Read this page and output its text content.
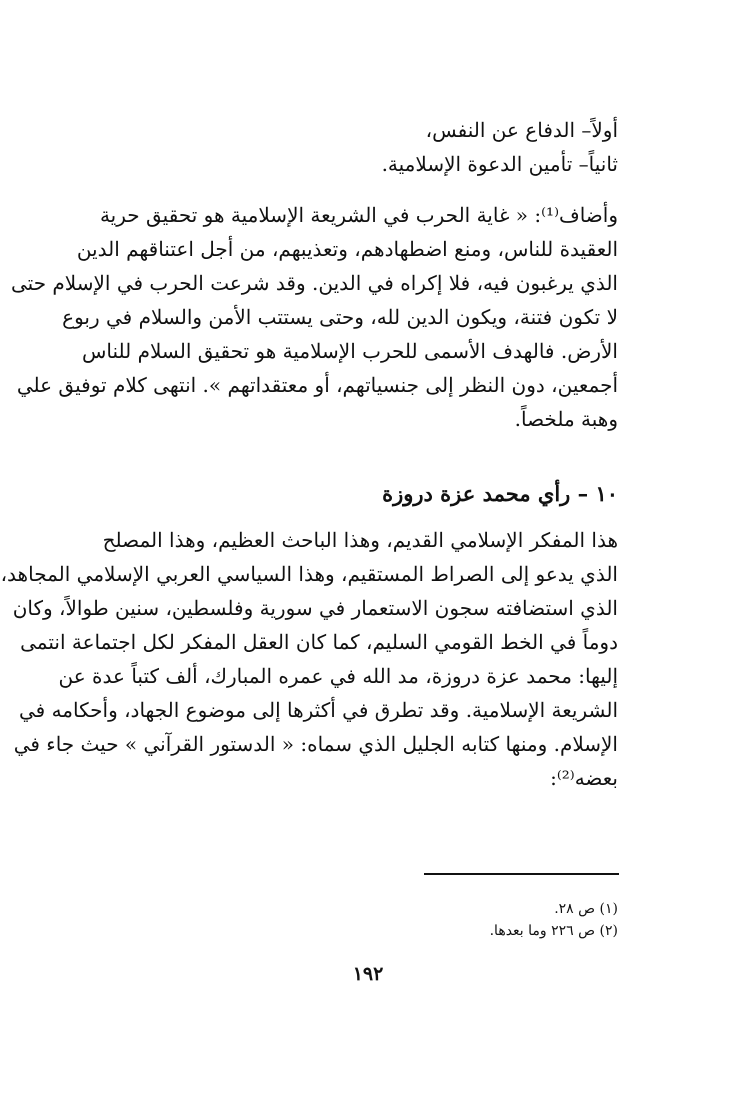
أولاً– الدفاع عن النفس،
ثانياً– تأمين الدعوة الإسلامية.
وأضاف⁽¹⁾: « غاية الحرب في الشريعة الإسلامية هو تحقيق حرية
العقيدة للناس، ومنع اضطهادهم، وتعذيبهم، من أجل اعتناقهم الدين
الذي يرغبون فيه، فلا إكراه في الدين. وقد شرعت الحرب في الإسلام حتى
لا تكون فتنة، ويكون الدين لله، وحتى يستتب الأمن والسلام في ربوع
الأرض. فالهدف الأسمى للحرب الإسلامية هو تحقيق السلام للناس
أجمعين، دون النظر إلى جنسياتهم، أو معتقداتهم ». انتهى كلام توفيق علي
وهبة ملخصاً.
١٠ – رأي محمد عزة دروزة
هذا المفكر الإسلامي القديم، وهذا الباحث العظيم، وهذا المصلح
الذي يدعو إلى الصراط المستقيم، وهذا السياسي العربي الإسلامي المجاهد،
الذي استضافته سجون الاستعمار في سورية وفلسطين، سنين طوالاً، وكان
دوماً في الخط القومي السليم، كما كان العقل المفكر لكل اجتماعة انتمى
إليها: محمد عزة دروزة، مد الله في عمره المبارك، ألف كتباً عدة عن
الشريعة الإسلامية. وقد تطرق في أكثرها إلى موضوع الجهاد، وأحكامه في
الإسلام. ومنها كتابه الجليل الذي سماه: « الدستور القرآني » حيث جاء في
بعضه⁽²⁾:
(١) ص ٢٨.
(٢) ص ٢٢٦ وما بعدها.
١٩٢
